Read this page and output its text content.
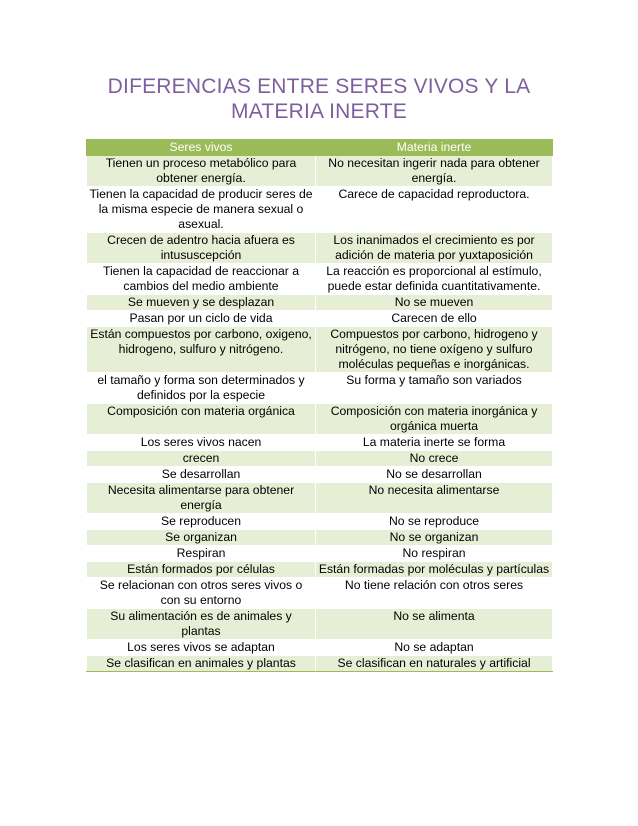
DIFERENCIAS ENTRE SERES VIVOS Y LA
MATERIA INERTE
Seres vivos	Materia inerte
Tienen un proceso metabólico para obtener energía.	No necesitan ingerir nada para obtener energía.
Tienen la capacidad de producir seres de la misma especie de manera sexual o asexual.	Carece de capacidad reproductora.
Crecen de adentro hacia afuera es intususcepción	Los inanimados el crecimiento es por adición de materia por yuxtaposición
Tienen la capacidad de reaccionar a cambios del medio ambiente	La reacción es proporcional al estímulo, puede estar definida cuantitativamente.
Se mueven y se desplazan	No se mueven
Pasan por un ciclo de vida	Carecen de ello
Están compuestos por carbono, oxigeno, hidrogeno, sulfuro y nitrógeno.	Compuestos por carbono, hidrogeno y nitrógeno, no tiene oxígeno y sulfuro moléculas pequeñas e inorgánicas.
el tamaño y forma son determinados y definidos por la especie	Su forma y tamaño son variados
Composición con materia orgánica	Composición con materia inorgánica y orgánica muerta
Los seres vivos nacen	La materia inerte se forma
crecen	No crece
Se desarrollan	No se desarrollan
Necesita alimentarse para obtener energía	No necesita alimentarse
Se reproducen	No se reproduce
Se organizan	No se organizan
Respiran	No respiran
Están formados por células	Están formadas por moléculas y partículas
Se relacionan con otros seres vivos o con su entorno	No tiene relación con otros seres
Su alimentación es de animales y plantas	No se alimenta
Los seres vivos se adaptan	No se adaptan
Se clasifican en animales y plantas	Se clasifican en naturales y artificial
